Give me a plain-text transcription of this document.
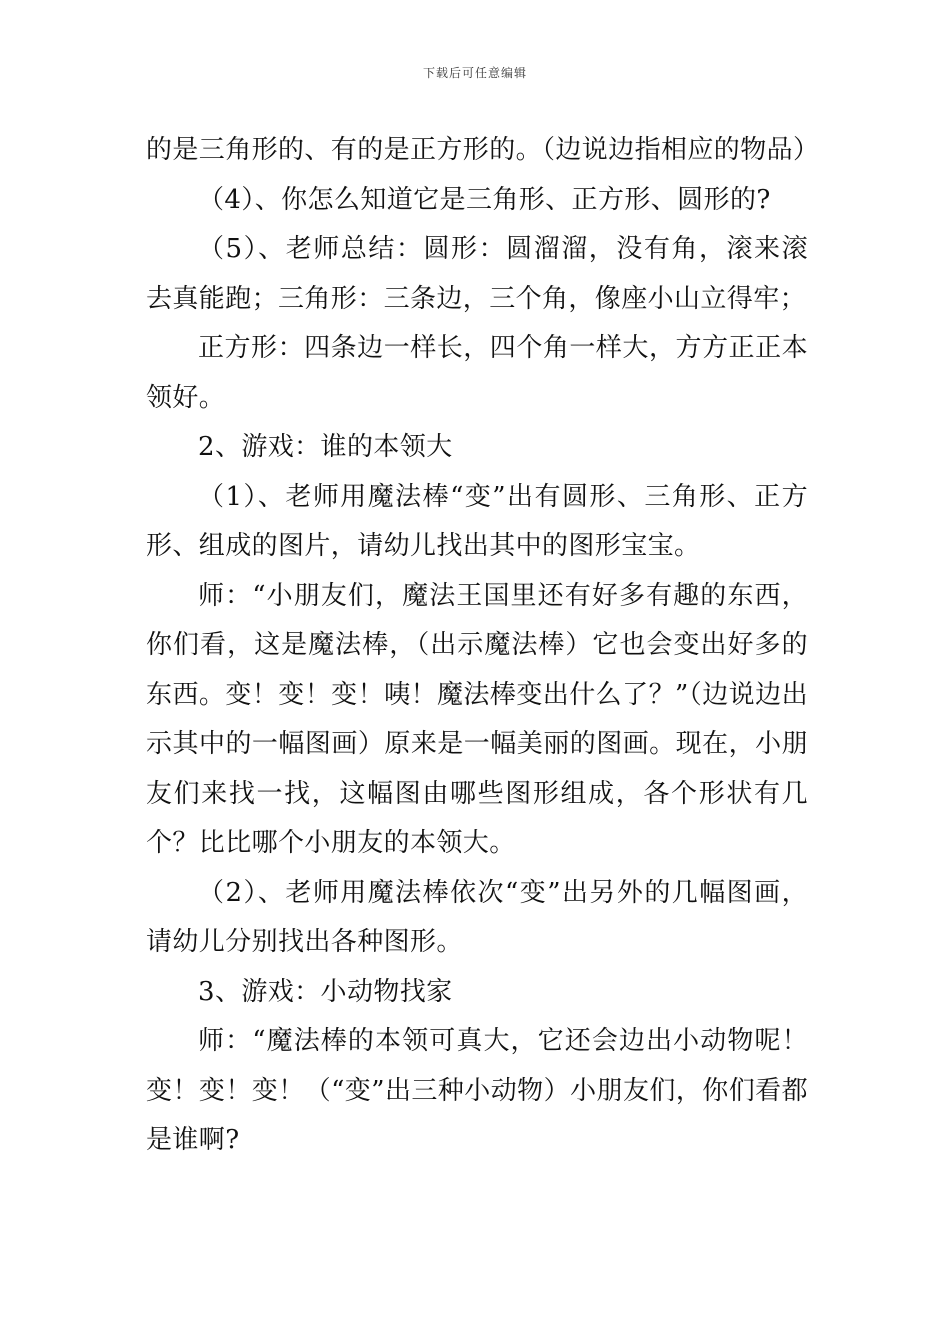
下载后可任意编辑

的是三角形的、有的是正方形的。（边说边指相应的物品）

（4）、你怎么知道它是三角形、正方形、圆形的?

（5）、老师总结：圆形：圆溜溜，没有角，滚来滚去真能跑；三角形：三条边，三个角，像座小山立得牢；

正方形：四条边一样长，四个角一样大，方方正正本领好。

2、游戏：谁的本领大

（1）、老师用魔法棒“变”出有圆形、三角形、正方形、组成的图片，请幼儿找出其中的图形宝宝。

师：“小朋友们，魔法王国里还有好多有趣的东西，你们看，这是魔法棒，（出示魔法棒）它也会变出好多的东西。变！变！变！咦！魔法棒变出什么了？”（边说边出示其中的一幅图画）原来是一幅美丽的图画。现在，小朋友们来找一找，这幅图由哪些图形组成，各个形状有几个？比比哪个小朋友的本领大。

（2）、老师用魔法棒依次“变”出另外的几幅图画，请幼儿分别找出各种图形。

3、游戏：小动物找家

师：“魔法棒的本领可真大，它还会边出小动物呢！变！变！变！（“变”出三种小动物）小朋友们，你们看都是谁啊?
